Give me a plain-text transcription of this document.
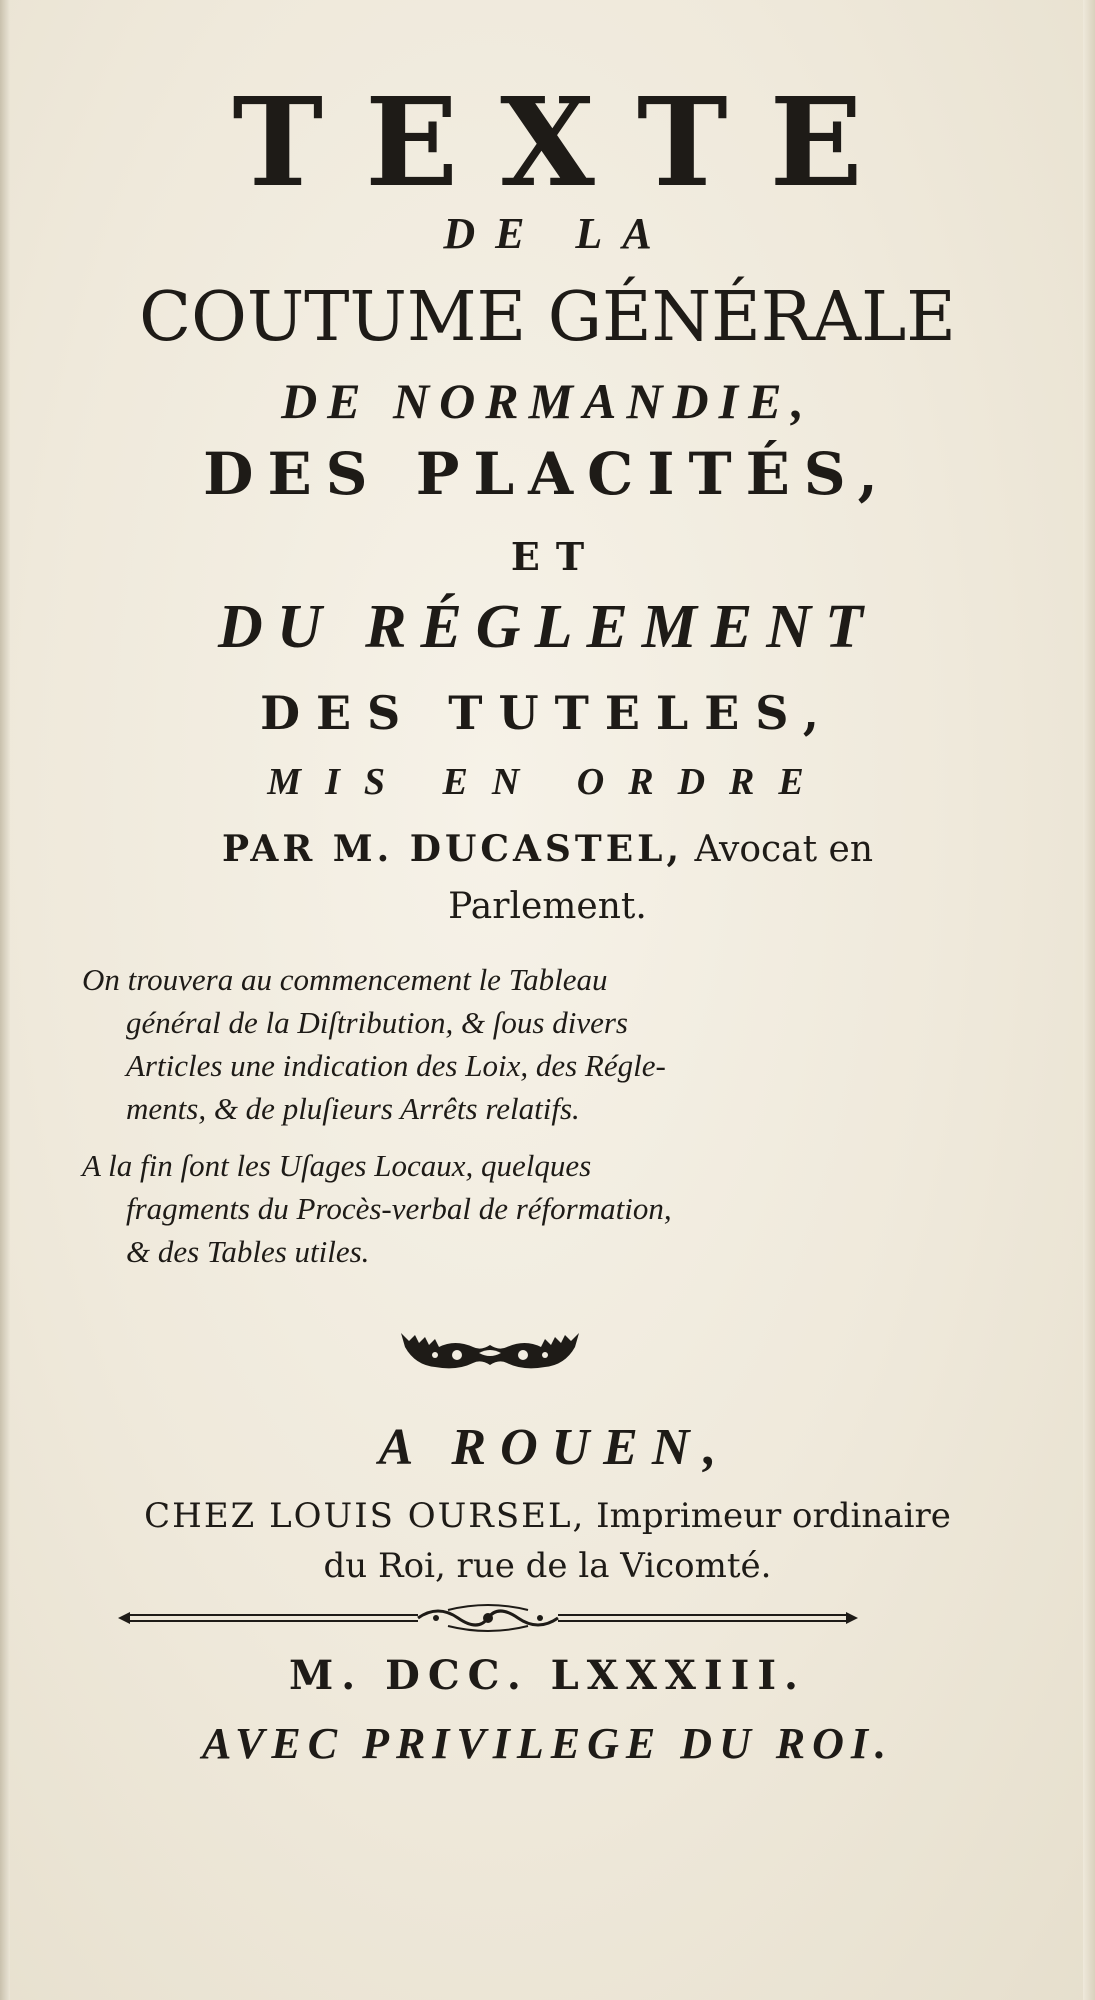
TEXTE

DE LA

COUTUME GÉNÉRALE

DE NORMANDIE,

DES PLACITÉS,

ET

DU RÉGLEMENT

DES TUTELES,

MIS EN ORDRE

PAR M. DUCASTEL, Avocat en

Parlement.

On trouvera au commencement le Tableau
général de la Diſtribution, & ſous divers
Articles une indication des Loix, des Régle-
ments, & de pluſieurs Arrêts relatifs.
A la fin ſont les Uſages Locaux, quelques
fragments du Procès-verbal de réformation,
& des Tables utiles.

A ROUEN,

CHEZ LOUIS OURSEL, Imprimeur ordinaire

du Roi, rue de la Vicomté.

M. DCC. LXXXIII.

AVEC PRIVILEGE DU ROI.
